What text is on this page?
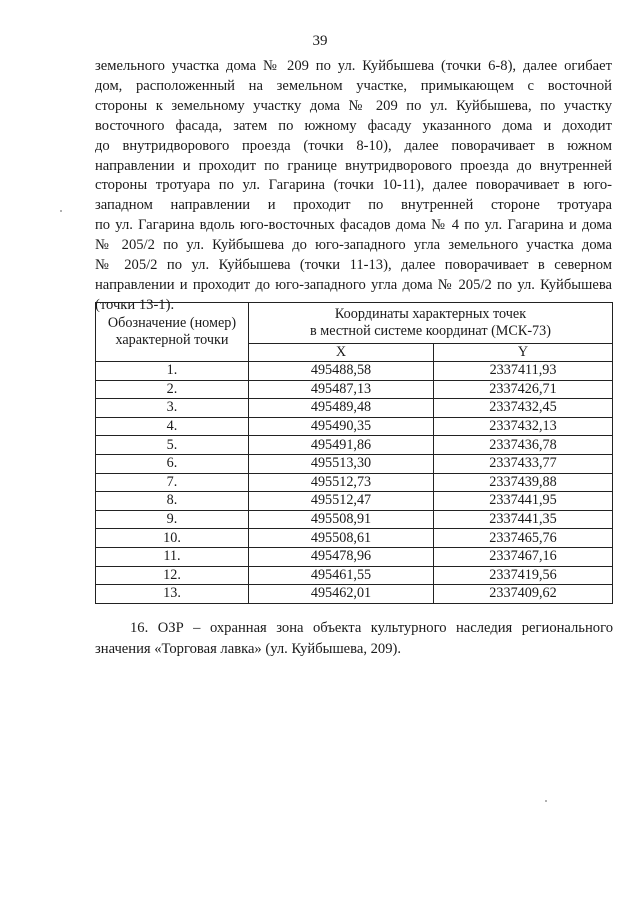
39

земельного участка дома № 209 по ул. Куйбышева (точки 6-8), далее огибает
дом, расположенный на земельном участке, примыкающем с восточной
стороны к земельному участку дома № 209 по ул. Куйбышева, по участку
восточного фасада, затем по южному фасаду указанного дома и доходит
до внутридворового проезда (точки 8-10), далее поворачивает в южном
направлении и проходит по границе внутридворового проезда до внутренней
стороны тротуара по ул. Гагарина (точки 10-11), далее поворачивает в юго-
западном направлении и проходит по внутренней стороне тротуара
по ул. Гагарина вдоль юго-восточных фасадов дома № 4 по ул. Гагарина и дома
№ 205/2 по ул. Куйбышева до юго-западного угла земельного участка дома
№ 205/2 по ул. Куйбышева (точки 11-13), далее поворачивает в северном
направлении и проходит до юго-западного угла дома № 205/2 по ул. Куйбышева
(точки 13-1).

Обозначение (номер)
характерной точки	Координаты характерных точек
в местной системе координат (МСК-73)	
	X	Y
1.	495488,58	2337411,93
2.	495487,13	2337426,71
3.	495489,48	2337432,45
4.	495490,35	2337432,13
5.	495491,86	2337436,78
6.	495513,30	2337433,77
7.	495512,73	2337439,88
8.	495512,47	2337441,95
9.	495508,91	2337441,35
10.	495508,61	2337465,76
11.	495478,96	2337467,16
12.	495461,55	2337419,56
13.	495462,01	2337409,62

16. ОЗР – охранная зона объекта культурного наследия регионального
значения «Торговая лавка» (ул. Куйбышева, 209).
